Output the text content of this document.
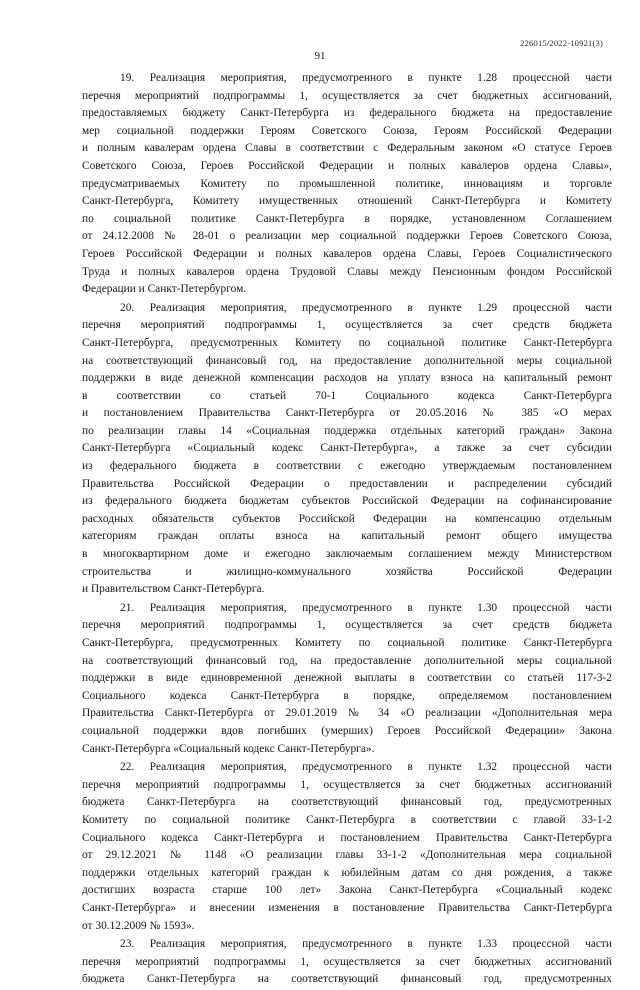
226015/2022-10921(3)
91
19. Реализация мероприятия, предусмотренного в пункте 1.28 процессной части
перечня мероприятий подпрограммы 1, осуществляется за счет бюджетных ассигнований,
предоставляемых бюджету Санкт-Петербурга из федерального бюджета на предоставление
мер социальной поддержки Героям Советского Союза, Героям Российской Федерации
и полным кавалерам ордена Славы в соответствии с Федеральным законом «О статусе Героев
Советского Союза, Героев Российской Федерации и полных кавалеров ордена Славы»,
предусматриваемых Комитету по промышленной политике, инновациям и торговле
Санкт-Петербурга, Комитету имущественных отношений Санкт-Петербурга и Комитету
по социальной политике Санкт-Петербурга в порядке, установленном Соглашением
от 24.12.2008 № 28-01 о реализации мер социальной поддержки Героев Советского Союза,
Героев Российской Федерации и полных кавалеров ордена Славы, Героев Социалистического
Труда и полных кавалеров ордена Трудовой Славы между Пенсионным фондом Российской
Федерации и Санкт-Петербургом.
20. Реализация мероприятия, предусмотренного в пункте 1.29 процессной части
перечня мероприятий подпрограммы 1, осуществляется за счет средств бюджета
Санкт-Петербурга, предусмотренных Комитету по социальной политике Санкт-Петербурга
на соответствующий финансовый год, на предоставление дополнительной меры социальной
поддержки в виде денежной компенсации расходов на уплату взноса на капитальный ремонт
в соответствии со статьей 70-1 Социального кодекса Санкт-Петербурга
и постановлением Правительства Санкт-Петербурга от 20.05.2016 № 385 «О мерах
по реализации главы 14 «Социальная поддержка отдельных категорий граждан» Закона
Санкт-Петербурга «Социальный кодекс Санкт-Петербурга», а также за счет субсидии
из федерального бюджета в соответствии с ежегодно утверждаемым постановлением
Правительства Российской Федерации о предоставлении и распределении субсидий
из федерального бюджета бюджетам субъектов Российской Федерации на софинансирование
расходных обязательств субъектов Российской Федерации на компенсацию отдельным
категориям граждан оплаты взноса на капитальный ремонт общего имущества
в многоквартирном доме и ежегодно заключаемым соглашением между Министерством
строительства и жилищно-коммунального хозяйства Российской Федерации
и Правительством Санкт-Петербурга.
21. Реализация мероприятия, предусмотренного в пункте 1.30 процессной части
перечня мероприятий подпрограммы 1, осуществляется за счет средств бюджета
Санкт-Петербурга, предусмотренных Комитету по социальной политике Санкт-Петербурга
на соответствующий финансовый год, на предоставление дополнительной меры социальной
поддержки в виде единовременной денежной выплаты в соответствии со статьей 117-3-2
Социального кодекса Санкт-Петербурга в порядке, определяемом постановлением
Правительства Санкт-Петербурга от 29.01.2019 № 34 «О реализации «Дополнительная мера
социальной поддержки вдов погибших (умерших) Героев Российской Федерации» Закона
Санкт-Петербурга «Социальный кодекс Санкт-Петербурга».
22. Реализация мероприятия, предусмотренного в пункте 1.32 процессной части
перечня мероприятий подпрограммы 1, осуществляется за счет бюджетных ассигнований
бюджета Санкт-Петербурга на соответствующий финансовый год, предусмотренных
Комитету по социальной политике Санкт-Петербурга в соответствии с главой 33-1-2
Социального кодекса Санкт-Петербурга и постановлением Правительства Санкт-Петербурга
от 29.12.2021 № 1148 «О реализации главы 33-1-2 «Дополнительная мера социальной
поддержки отдельных категорий граждан к юбилейным датам со дня рождения, а также
достигших возраста старше 100 лет» Закона Санкт-Петербурга «Социальный кодекс
Санкт-Петербурга» и внесении изменения в постановление Правительства Санкт-Петербурга
от 30.12.2009 № 1593».
23. Реализация мероприятия, предусмотренного в пункте 1.33 процессной части
перечня мероприятий подпрограммы 1, осуществляется за счет бюджетных ассигнований
бюджета Санкт-Петербурга на соответствующий финансовый год, предусмотренных
